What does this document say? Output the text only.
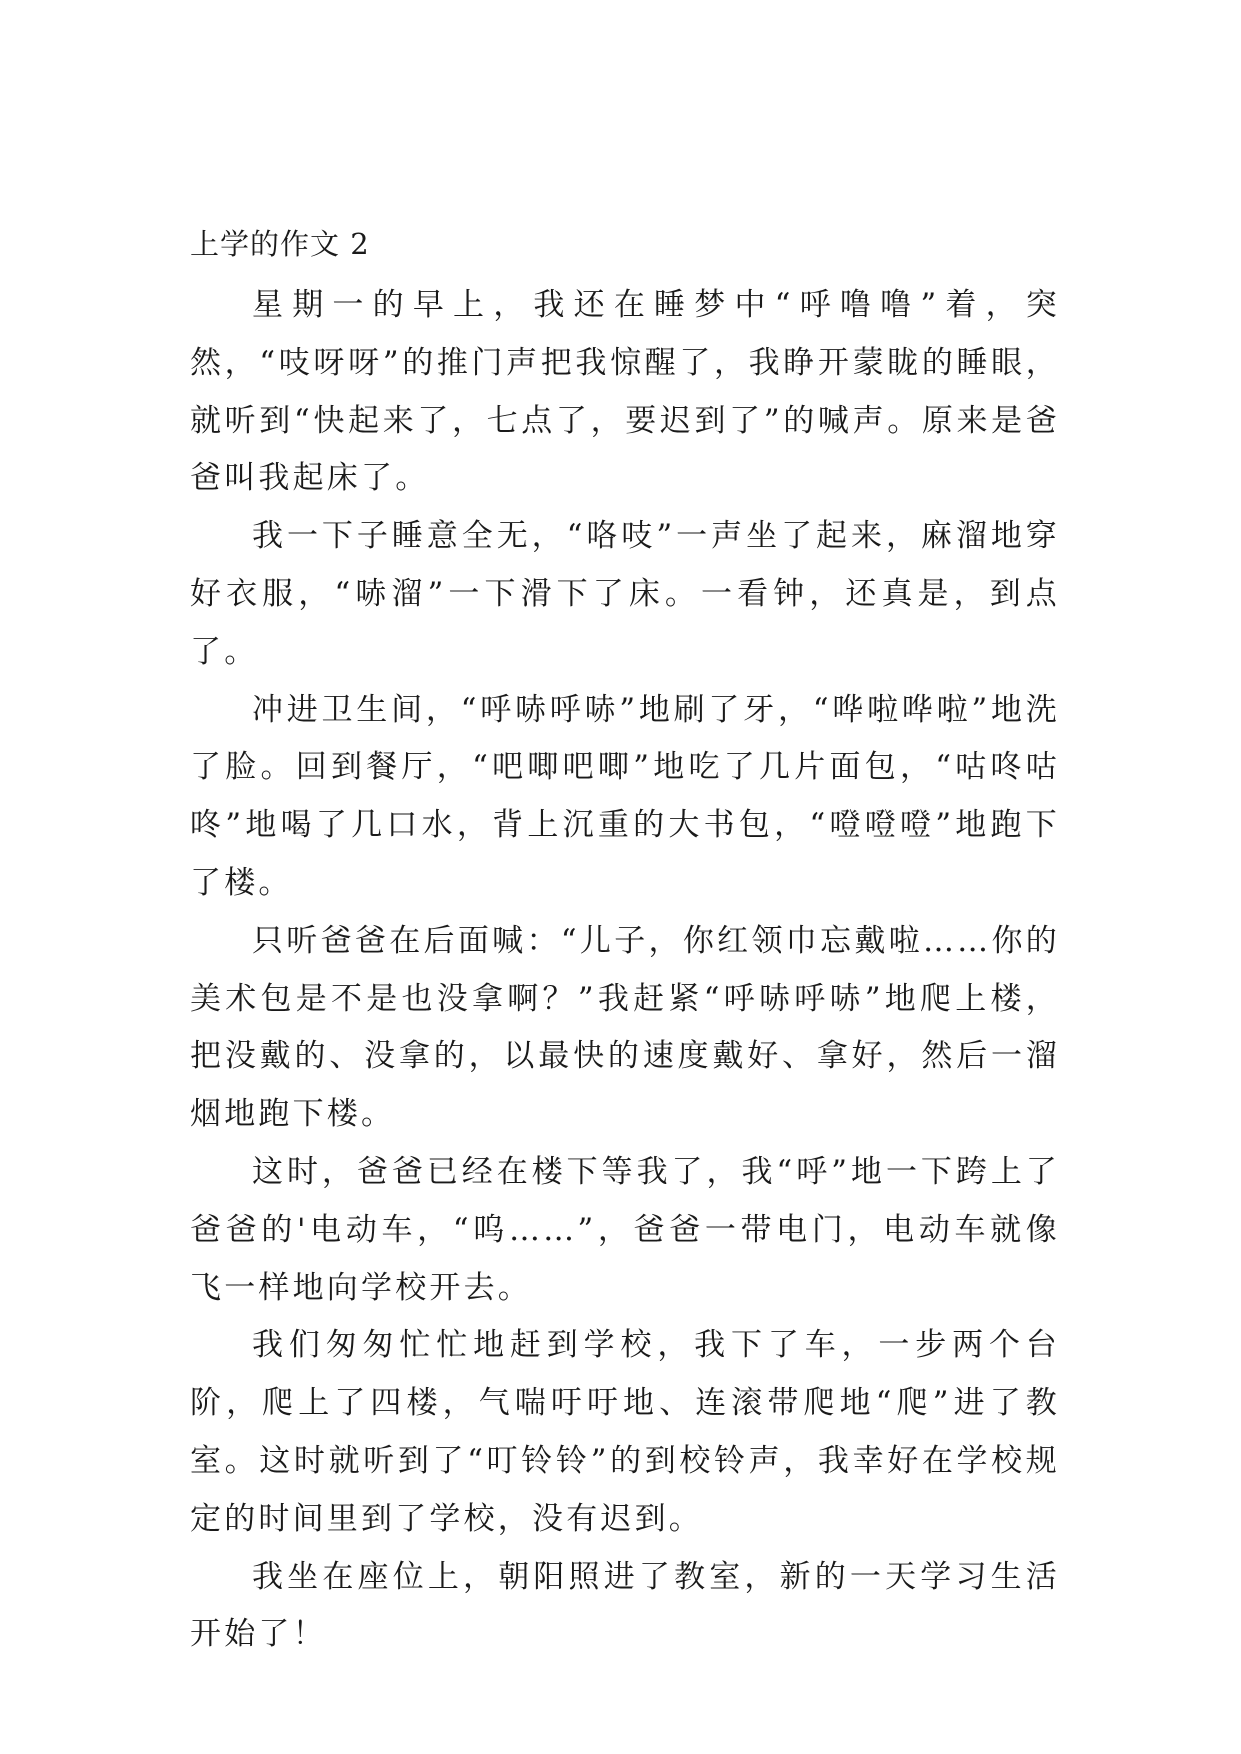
上学的作文 2

星期一的早上，我还在睡梦中“呼噜噜”着，突然，“吱呀呀”的推门声把我惊醒了，我睁开蒙眬的睡眼，就听到“快起来了，七点了，要迟到了”的喊声。原来是爸爸叫我起床了。

我一下子睡意全无，“咯吱”一声坐了起来，麻溜地穿好衣服，“哧溜”一下滑下了床。一看钟，还真是，到点了。

冲进卫生间，“呼哧呼哧”地刷了牙，“哗啦哗啦”地洗了脸。回到餐厅，“吧唧吧唧”地吃了几片面包，“咕咚咕咚”地喝了几口水，背上沉重的大书包，“噔噔噔”地跑下了楼。

只听爸爸在后面喊：“儿子，你红领巾忘戴啦……你的美术包是不是也没拿啊？”我赶紧“呼哧呼哧”地爬上楼，把没戴的、没拿的，以最快的速度戴好、拿好，然后一溜烟地跑下楼。

这时，爸爸已经在楼下等我了，我“呼”地一下跨上了爸爸的'电动车，“呜……”，爸爸一带电门，电动车就像飞一样地向学校开去。

我们匆匆忙忙地赶到学校，我下了车，一步两个台阶，爬上了四楼，气喘吁吁地、连滚带爬地“爬”进了教室。这时就听到了“叮铃铃”的到校铃声，我幸好在学校规定的时间里到了学校，没有迟到。

我坐在座位上，朝阳照进了教室，新的一天学习生活开始了！
